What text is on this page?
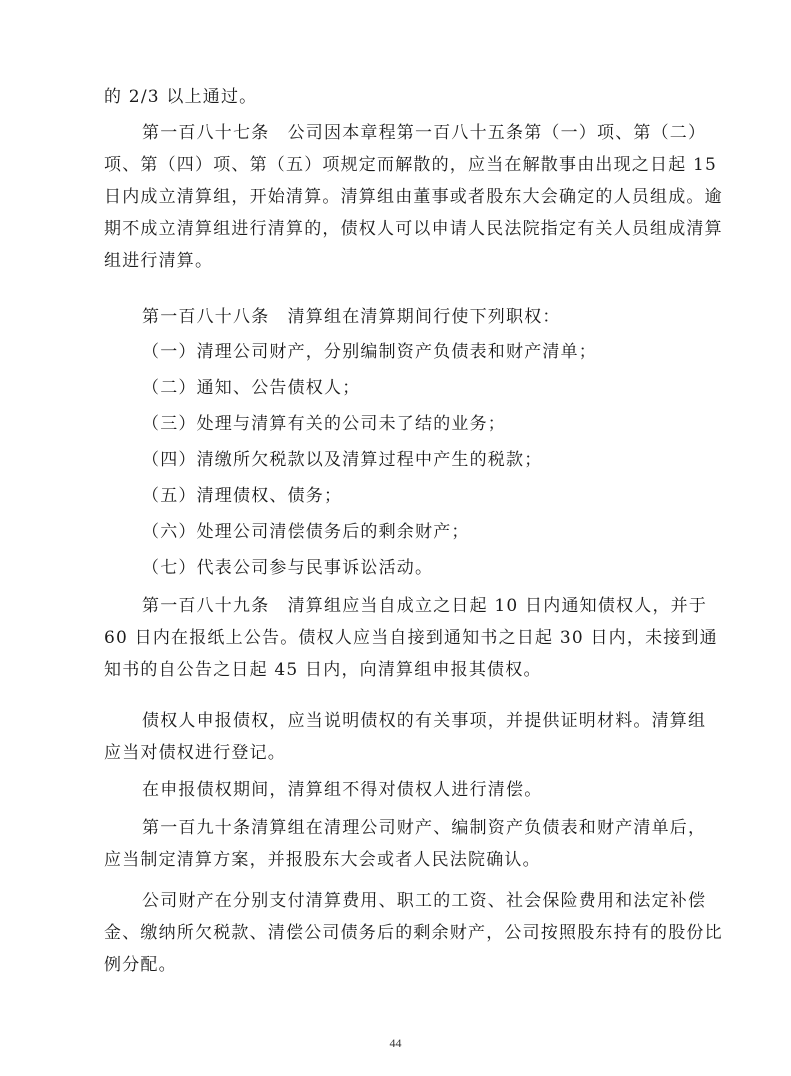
的 2/3 以上通过。

第一百八十七条　公司因本章程第一百八十五条第（一）项、第（二）项、第（四）项、第（五）项规定而解散的，应当在解散事由出现之日起 15 日内成立清算组，开始清算。清算组由董事或者股东大会确定的人员组成。逾期不成立清算组进行清算的，债权人可以申请人民法院指定有关人员组成清算组进行清算。

第一百八十八条　清算组在清算期间行使下列职权：

（一）清理公司财产，分别编制资产负债表和财产清单；

（二）通知、公告债权人；

（三）处理与清算有关的公司未了结的业务；

（四）清缴所欠税款以及清算过程中产生的税款；

（五）清理债权、债务；

（六）处理公司清偿债务后的剩余财产；

（七）代表公司参与民事诉讼活动。

第一百八十九条　清算组应当自成立之日起 10 日内通知债权人，并于 60 日内在报纸上公告。债权人应当自接到通知书之日起 30 日内，未接到通知书的自公告之日起 45 日内，向清算组申报其债权。

债权人申报债权，应当说明债权的有关事项，并提供证明材料。清算组应当对债权进行登记。

在申报债权期间，清算组不得对债权人进行清偿。

第一百九十条清算组在清理公司财产、编制资产负债表和财产清单后，应当制定清算方案，并报股东大会或者人民法院确认。

公司财产在分别支付清算费用、职工的工资、社会保险费用和法定补偿金、缴纳所欠税款、清偿公司债务后的剩余财产，公司按照股东持有的股份比例分配。

44
